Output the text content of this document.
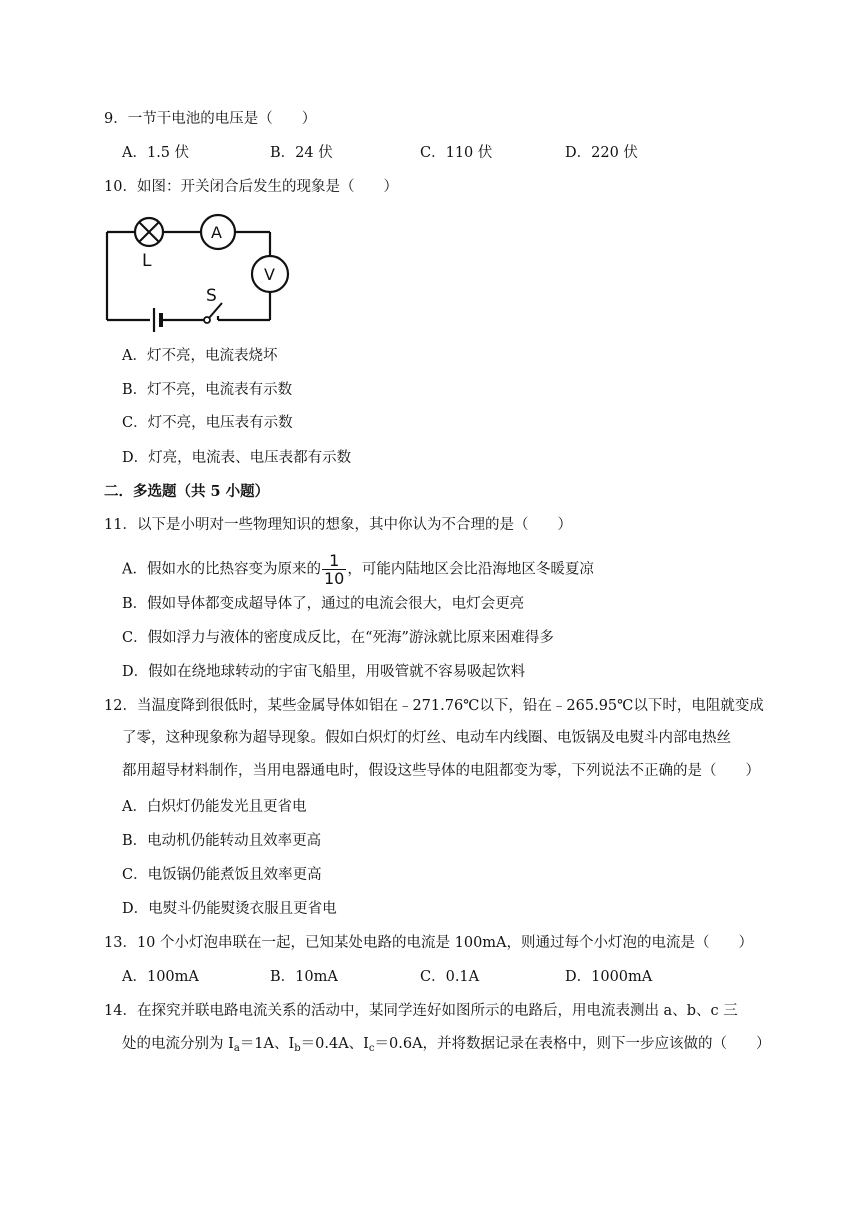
9．一节干电池的电压是（　　）
A．1.5 伏	B．24 伏	C．110 伏	D．220 伏
10．如图：开关闭合后发生的现象是（　　）
L
A
V
S
A．灯不亮，电流表烧坏
B．灯不亮，电流表有示数
C．灯不亮，电压表有示数
D．灯亮，电流表、电压表都有示数
二．多选题（共 5 小题）
11．以下是小明对一些物理知识的想象，其中你认为不合理的是（　　）
A．假如水的比热容变为原来的 $\frac{1}{10}$ ，可能内陆地区会比沿海地区冬暖夏凉
B．假如导体都变成超导体了，通过的电流会很大，电灯会更亮
C．假如浮力与液体的密度成反比，在“死海”游泳就比原来困难得多
D．假如在绕地球转动的宇宙飞船里，用吸管就不容易吸起饮料
12．当温度降到很低时，某些金属导体如铝在﹣271.76℃以下，铅在﹣265.95℃以下时，电阻就变成
了零，这种现象称为超导现象。假如白炽灯的灯丝、电动车内线圈、电饭锅及电熨斗内部电热丝
都用超导材料制作，当用电器通电时，假设这些导体的电阻都变为零，下列说法不正确的是（　　）
A．白炽灯仍能发光且更省电
B．电动机仍能转动且效率更高
C．电饭锅仍能煮饭且效率更高
D．电熨斗仍能熨烫衣服且更省电
13．10 个小灯泡串联在一起，已知某处电路的电流是 100mA，则通过每个小灯泡的电流是（　　）
A．100mA	B．10mA	C．0.1A	D．1000mA
14．在探究并联电路电流关系的活动中，某同学连好如图所示的电路后，用电流表测出 a、b、c 三
处的电流分别为 $I_a=1A$、$I_b=0.4A$、$I_c=0.6A$，并将数据记录在表格中，则下一步应该做的（　　）
